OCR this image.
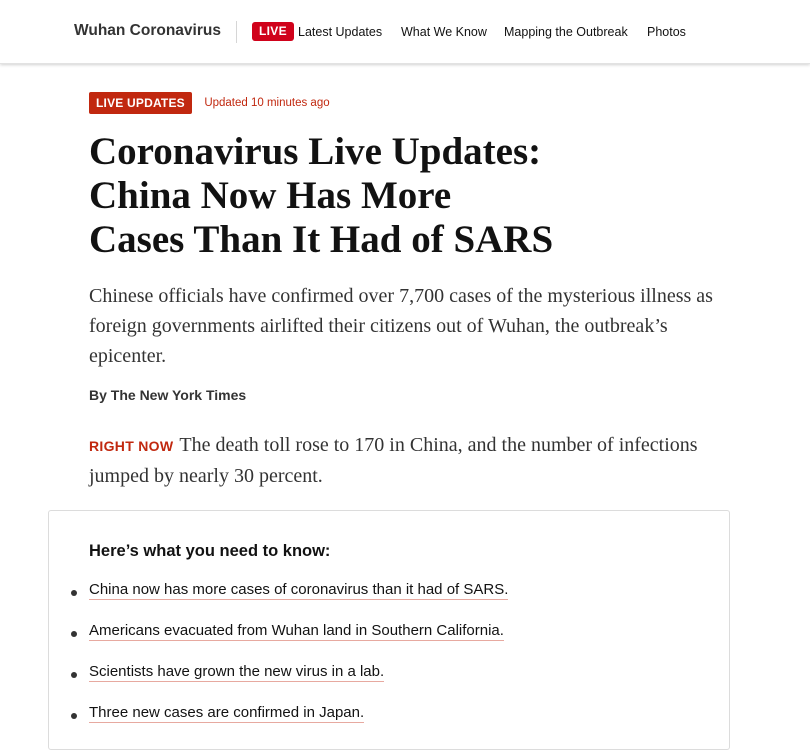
Wuhan Coronavirus	LIVE Latest Updates What We Know Mapping the Outbreak Photos
LIVE UPDATES Updated 10 minutes ago
Coronavirus Live Updates:
China Now Has More
Cases Than It Had of SARS

Chinese officials have confirmed over 7,700 cases of the mysterious illness as foreign governments airlifted their citizens out of Wuhan, the outbreak’s epicenter.

By The New York Times

RIGHT NOW The death toll rose to 170 in China, and the number of infections jumped by nearly 30 percent.

Here’s what you need to know:
China now has more cases of coronavirus than it had of SARS.
Americans evacuated from Wuhan land in Southern California.
Scientists have grown the new virus in a lab.
Three new cases are confirmed in Japan.
